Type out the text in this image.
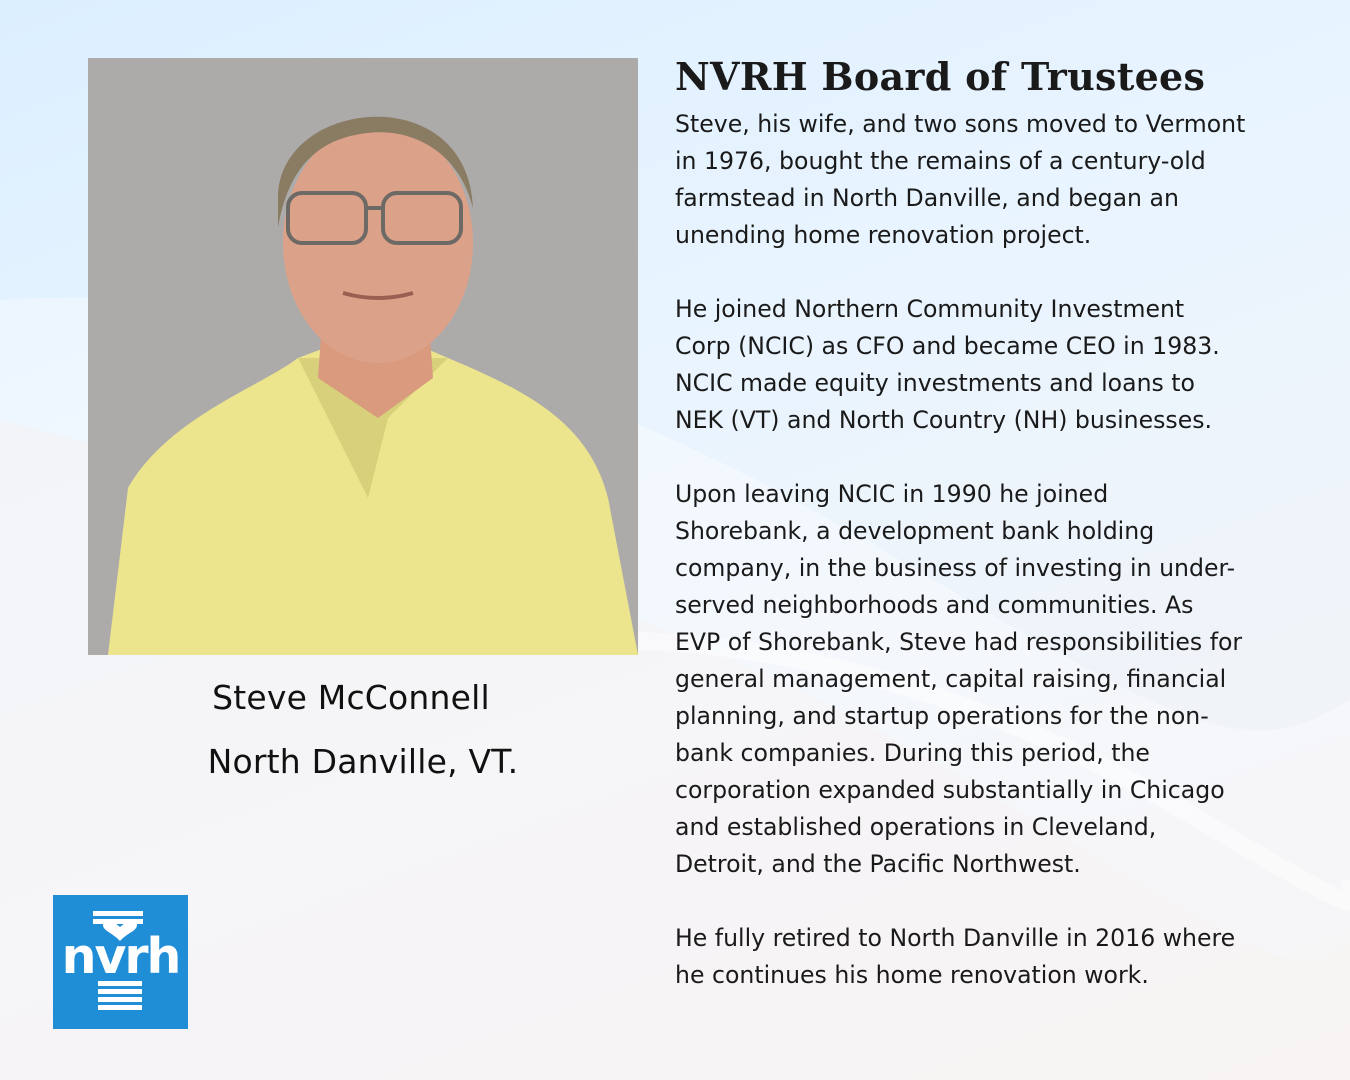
Steve McConnell
North Danville, VT.
NVRH Board of Trustees

Steve, his wife, and two sons moved to Vermont
in 1976, bought the remains of a century-old
farmstead in North Danville, and began an
unending home renovation project.

He joined Northern Community Investment
Corp (NCIC) as CFO and became CEO in 1983.
NCIC made equity investments and loans to
NEK (VT) and North Country (NH) businesses.

Upon leaving NCIC in 1990 he joined
Shorebank, a development bank holding
company, in the business of investing in under-
served neighborhoods and communities. As
EVP of Shorebank, Steve had responsibilities for
general management, capital raising, financial
planning, and startup operations for the non-
bank companies. During this period, the
corporation expanded substantially in Chicago
and established operations in Cleveland,
Detroit, and the Pacific Northwest.

He fully retired to North Danville in 2016 where
he continues his home renovation work.

nvrh
